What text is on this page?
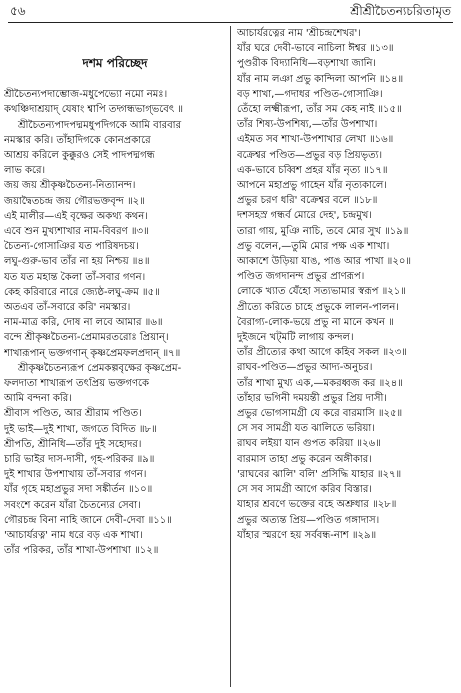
৫৬	শ্রীশ্রীচৈতন্যচরিতামৃত
দশম পরিচ্ছেদ
শ্রীচৈতন্যপদাম্ভোজ-মধুপেভ্যো নমো নমঃ।
কথঞ্চিদাশ্রয়াদ্ যেষাং শ্বাপি তদ্গন্ধভাগ্‌ভবেৎ ॥
শ্রীচৈতন্যপাদপদ্মমধুপদিগকে আমি বারবার
নমস্কার করি। তাঁহাদিগকে কোনপ্রকারে
আশ্রয় করিলে কুক্কুরও সেই পাদপদ্মগন্ধ
লাভ করে।
জয় জয় শ্রীকৃষ্ণচৈতন্য-নিত্যানন্দ।
জয়াদ্বৈতচন্দ্র জয় গৌরভক্তবৃন্দ ॥২॥
এই মালীর—এই বৃক্ষের অকথ্য কথন।
এবে শুন মুখ্যশাখার নাম-বিবরণ ॥৩॥
চৈতন্য-গোসাঞির যত পারিষদচয়।
লঘু-গুরু-ভাব তাঁর না হয় নিশ্চয় ॥৪॥
যত যত মহান্ত কৈলা তাঁ-সবার গণন।
কেহ করিবারে নারে জ্যেষ্ঠ-লঘু-ক্রম ॥৫॥
অতএব তাঁ-সবারে করি' নমস্কার।
নাম-মাত্র করি, দোষ না লবে আমার ॥৬॥
বন্দে শ্রীকৃষ্ণচৈতন্য-প্রেমামরতরোঃ প্রিয়ান্।
শাখারূপান্ ভক্তগণান্ কৃষ্ণপ্রেমফলপ্রদান্ ॥৭॥
শ্রীকৃষ্ণচৈতন্যরূপ প্রেমকল্পবৃক্ষের কৃষ্ণপ্রেম-
ফলদাতা শাখারূপ তৎপ্রিয় ভক্তগণকে
আমি বন্দনা করি।
শ্রীবাস পণ্ডিত, আর শ্রীরাম পণ্ডিত।
দুই ভাই—দুই শাখা, জগতে বিদিত ॥৮॥
শ্রীপতি, শ্রীনিধি—তাঁর দুই সহোদর।
চারি ভাইর দাস-দাসী, গৃহ-পরিকর ॥৯॥
দুই শাখার উপশাখায় তাঁ-সবার গণন।
যাঁর গৃহে মহাপ্রভুর সদা সঙ্কীর্তন ॥১০॥
সবংশে করেন যাঁরা চৈতন্যের সেবা।
গৌরচন্দ্র বিনা নাহি জানে দেবী-দেবা ॥১১॥
'আচার্যরত্ন' নাম ধরে বড় এক শাখা।
তাঁর পরিকর, তাঁর শাখা-উপশাখা ॥১২॥
আচার্যরত্নের নাম 'শ্রীচন্দ্রশেখর'।
যাঁর ঘরে দেবী-ভাবে নাচিলা ঈশ্বর ॥১৩॥
পুণ্ডরীক বিদ্যানিধি—বড়শাখা জানি।
যাঁর নাম লঞা প্রভু কান্দিলা আপনি ॥১৪॥
বড় শাখা,—গদাধর পণ্ডিত-গোসাঞি।
তেঁহো লক্ষ্মীরূপা, তাঁর সম কেহ নাই ॥১৫॥
তাঁর শিষ্য-উপশিষ্য,—তাঁর উপশাখা।
এইমত সব শাখা-উপশাখার লেখা ॥১৬॥
বক্রেশ্বর পণ্ডিত—প্রভুর বড় প্রিয়ভৃত্য।
এক-ভাবে চব্বিশ প্রহর যাঁর নৃত্য ॥১৭॥
আপনে মহাপ্রভু গাহেন যাঁর নৃত্যকালে।
প্রভুর চরণ ধরি' বক্রেশ্বর বলে ॥১৮॥
দশসহস্র গন্ধর্ব মোরে দেহ', চন্দ্রমুখ।
তারা গায়, মুঞি নাচি, তবে মোর সুখ ॥১৯॥
প্রভু বলেন,—তুমি মোর পক্ষ এক শাখা।
আকাশে উড়িয়া যাঙ, পাঙ আর পাখা ॥২০॥
পণ্ডিত জগদানন্দ প্রভুর প্রাণরূপ।
লোকে খ্যাত যেঁহো সত্যভামার স্বরূপ ॥২১॥
প্রীত্যে করিতে চাহে প্রভুকে লালন-পালন।
বৈরাগ্য-লোক-ভয়ে প্রভু না মানে কখন ॥
দুইজনে খট্‌মটি লাগায় কন্দল।
তাঁর প্রীত্যের কথা আগে কহিব সকল ॥২৩॥
রাঘব-পণ্ডিত—প্রভুর আদ্য-অনুচর।
তাঁর শাখা মুখ্য এক,—মকরধ্বজ কর ॥২৪॥
তাঁহার ভগিনী দময়ন্তী প্রভুর প্রিয় দাসী।
প্রভুর ভোগসামগ্রী যে করে বারমাসি ॥২৫॥
সে সব সামগ্রী যত ঝালিতে ভরিয়া।
রাঘব লইয়া যান গুপত করিয়া ॥২৬॥
বারমাস তাহা প্রভু করেন অঙ্গীকার।
'রাঘবের ঝালি' বলি' প্রসিদ্ধি যাহার ॥২৭॥
সে সব সামগ্রী আগে করিব বিস্তার।
যাহার শ্রবণে ভক্তের বহে অশ্রুধার ॥২৮॥
প্রভুর অত্যন্ত প্রিয়—পণ্ডিত গঙ্গাদাস।
যাঁহার স্মরণে হয় সর্ববন্ধ-নাশ ॥২৯॥
